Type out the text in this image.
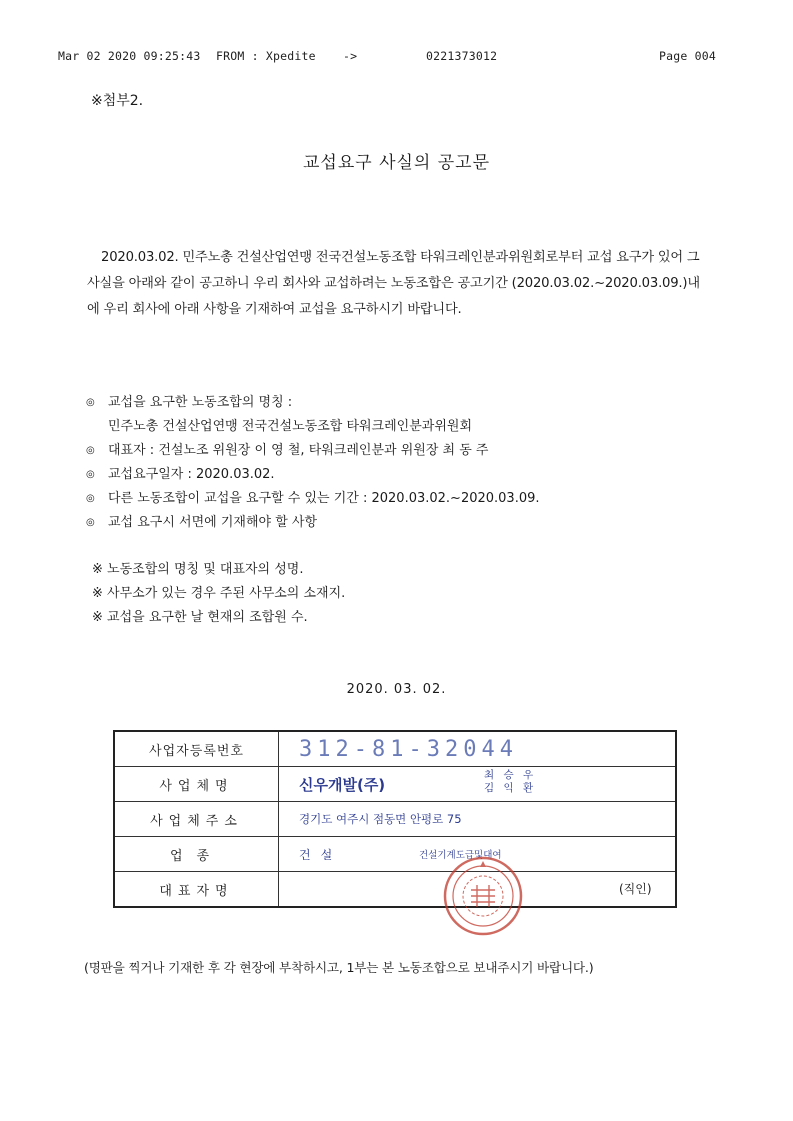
Mar 02 2020 09:25:43 FROM : Xpedite ->	0221373012	Page 004
※첨부2.
교섭요구 사실의 공고문
2020.03.02. 민주노총 건설산업연맹 전국건설노동조합 타워크레인분과위원회로부터 교섭 요구가 있어 그 사실을 아래와 같이 공고하니 우리 회사와 교섭하려는 노동조합은 공고기간 (2020.03.02.~2020.03.09.)내에 우리 회사에 아래 사항을 기재하여 교섭을 요구하시기 바랍니다.
◎ 교섭을 요구한 노동조합의 명칭 :
민주노총 건설산업연맹 전국건설노동조합 타워크레인분과위원회
◎ 대표자 : 건설노조 위원장 이 영 철, 타워크레인분과 위원장 최 동 주
◎ 교섭요구일자 : 2020.03.02.
◎ 다른 노동조합이 교섭을 요구할 수 있는 기간 : 2020.03.02.~2020.03.09.
◎ 교섭 요구시 서면에 기재해야 할 사항
※ 노동조합의 명칭 및 대표자의 성명.
※ 사무소가 있는 경우 주된 사무소의 소재지.
※ 교섭을 요구한 날 현재의 조합원 수.
2020. 03. 02.
사업자등록번호	312-81-32044
사업체명	신우개발(주)
최 승 우
김 익 환

사업체주소	경기도 여주시 점동면 안평로 75
업종	건설 건설기계도급및대여

대표자명	(직인)
(명판을 찍거나 기재한 후 각 현장에 부착하시고, 1부는 본 노동조합으로 보내주시기 바랍니다.)
